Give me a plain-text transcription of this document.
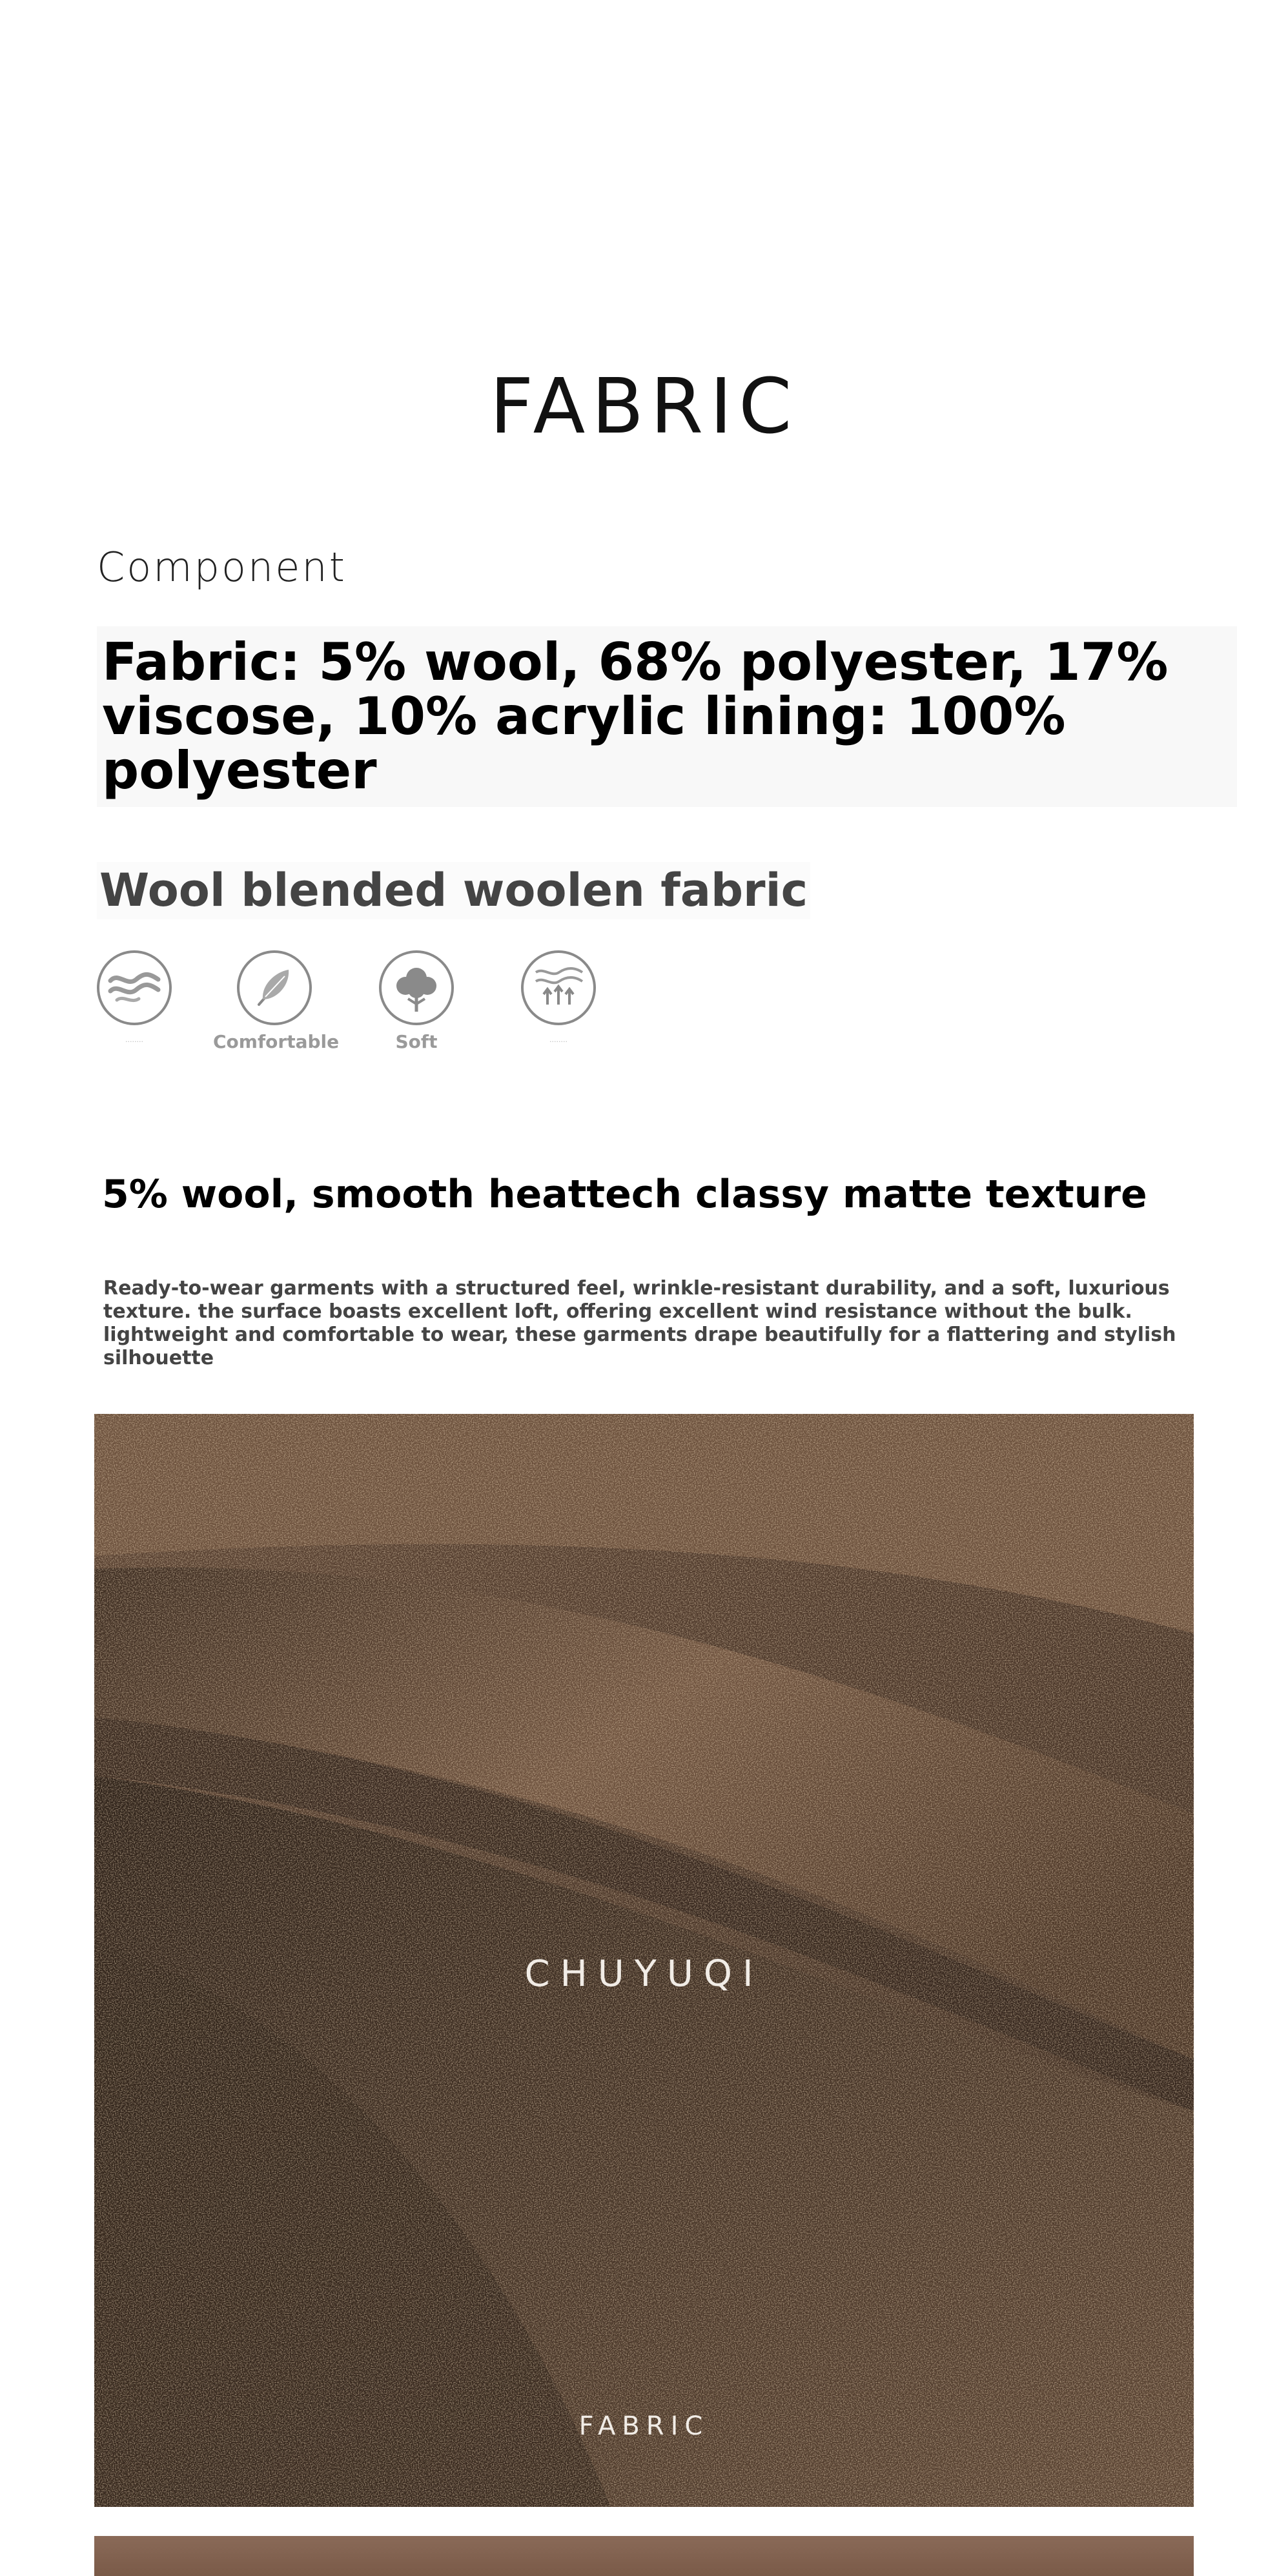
FABRIC
Component
Fabric: 5% wool, 68% polyester, 17% viscose, 10% acrylic lining: 100% polyester
Wool blended woolen fabric
········	Comfortable	Soft	········
5% wool, smooth heattech classy matte texture
Ready-to-wear garments with a structured feel, wrinkle-resistant durability, and a soft, luxurious texture. the surface boasts excellent loft, offering excellent wind resistance without the bulk. lightweight and comfortable to wear, these garments drape beautifully for a flattering and stylish silhouette
CHUYUQI
FABRIC
